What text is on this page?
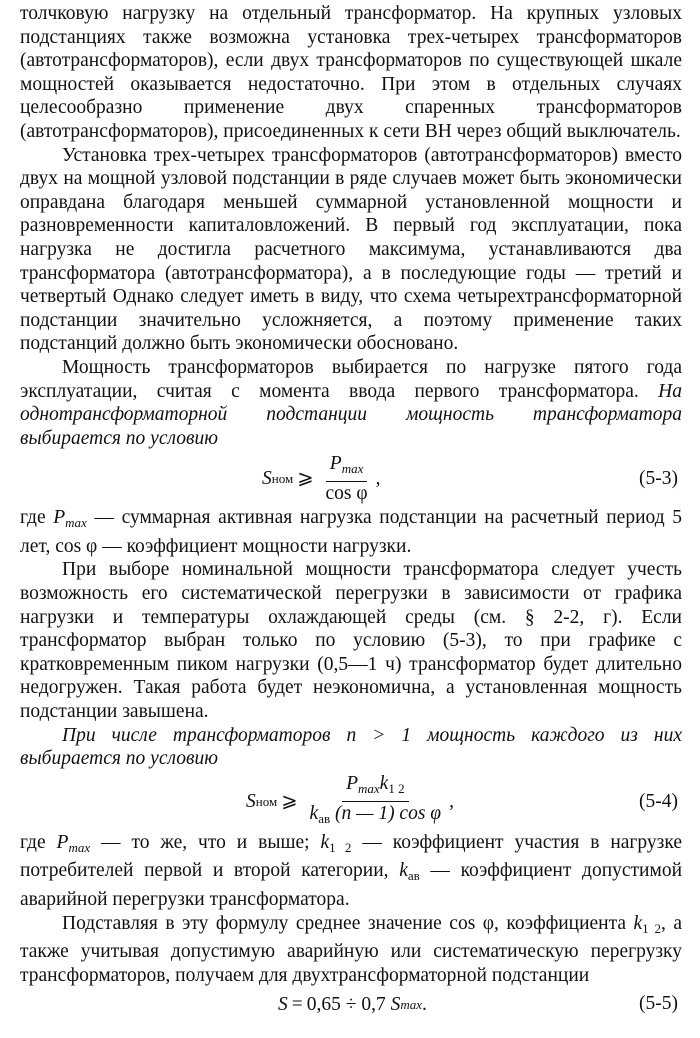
толчковую нагрузку на отдельный трансформатор. На крупных узловых подстанциях также возможна установка трех-четырех трансформаторов (автотрансформаторов), если двух трансформаторов по существующей шкале мощностей оказывается недостаточно. При этом в отдельных случаях целесообразно применение двух спаренных трансформаторов (автотрансформаторов), присоединенных к сети ВН через общий выключатель.

Установка трех-четырех трансформаторов (автотрансформаторов) вместо двух на мощной узловой подстанции в ряде случаев может быть экономически оправдана благодаря меньшей суммарной установленной мощности и разновременности капиталовложений. В первый год эксплуатации, пока нагрузка не достигла расчетного максимума, устанавливаются два трансформатора (автотрансформатора), а в последующие годы — третий и четвертый Однако следует иметь в виду, что схема четырехтрансформаторной подстанции значительно усложняется, а поэтому применение таких подстанций должно быть экономически обосновано.

Мощность трансформаторов выбирается по нагрузке пятого года эксплуатации, считая с момента ввода первого трансформатора. На однотрансформаторной подстанции мощность трансформатора выбирается по условию

S ном ⩾ $\frac{P_{max}}{\text{cos φ}}$ ,	(5-3)

где $P_{max}$ — суммарная активная нагрузка подстанции на расчетный период 5 лет, cos φ — коэффициент мощности нагрузки.

При выборе номинальной мощности трансформатора следует учесть возможность его систематической перегрузки в зависимости от графика нагрузки и температуры охлаждающей среды (см. § 2-2, г). Если трансформатор выбран только по условию (5-3), то при графике с кратковременным пиком нагрузки (0,5—1 ч) трансформатор будет длительно недогружен. Такая работа будет неэкономична, а установленная мощность подстанции завышена.

При числе трансформаторов n > 1 мощность каждого из них выбирается по условию

S ном ⩾ $\frac{P_{max}k_{1 2}}{k_{ав} (n — 1) \cos \varphi}$ ,	(5-4)

где $P_{max}$ — то же, что и выше; $k_{1 2}$ — коэффициент участия в нагрузке потребителей первой и второй категории, $k_{ав}$ — коэффициент допустимой аварийной перегрузки трансформатора.

Подставляя в эту формулу среднее значение cos φ, коэффициента $k_{1 2}$, а также учитывая допустимую аварийную или систематическую перегрузку трансформаторов, получаем для двухтрансформаторной подстанции

S = 0,65 ÷ 0,7
S max .	(5-5)
